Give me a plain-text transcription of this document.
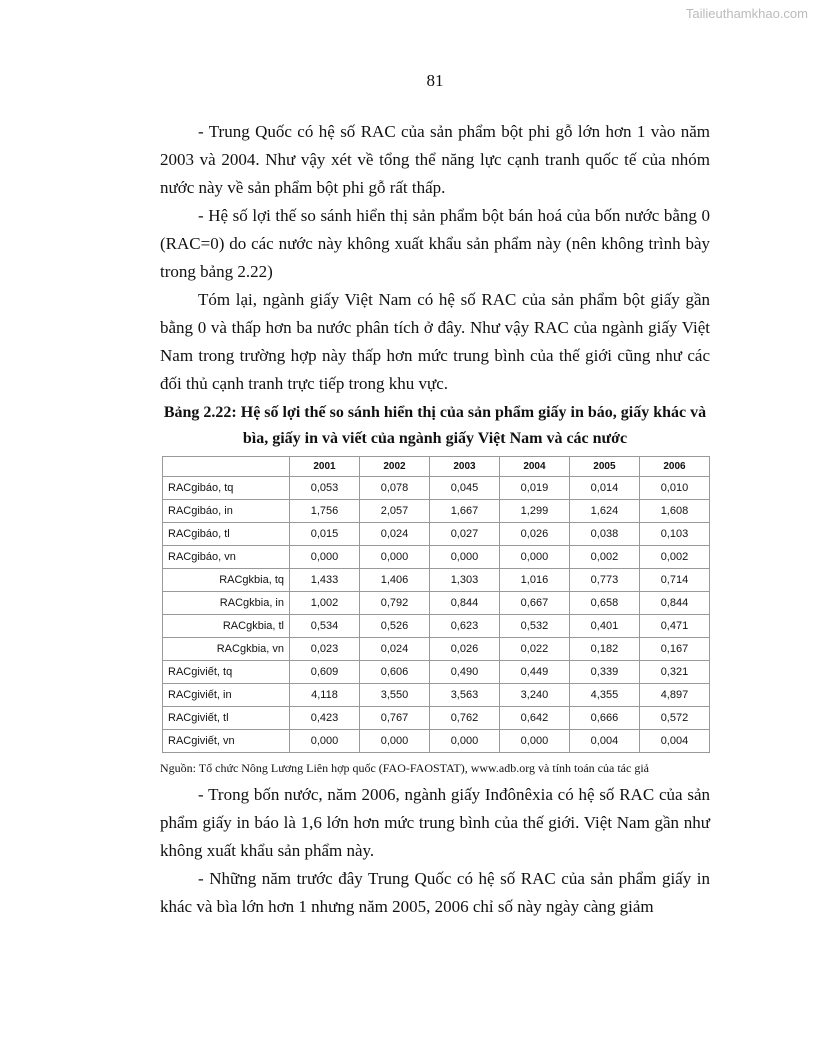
Tailieuthamkhao.com
81

- Trung Quốc có hệ số RAC của sản phẩm bột phi gỗ lớn hơn 1 vào năm 2003 và 2004. Như vậy xét về tổng thể năng lực cạnh tranh quốc tế của nhóm nước này về sản phẩm bột phi gỗ rất thấp.

- Hệ số lợi thế so sánh hiển thị sản phẩm bột bán hoá của bốn nước bằng 0 (RAC=0) do các nước này không xuất khẩu sản phẩm này (nên không trình bày trong bảng 2.22)

Tóm lại, ngành giấy Việt Nam có hệ số RAC của sản phẩm bột giấy gần bằng 0 và thấp hơn ba nước phân tích ở đây. Như vậy RAC của ngành giấy Việt Nam trong trường hợp này thấp hơn mức trung bình của thế giới cũng như các đối thủ cạnh tranh trực tiếp trong khu vực.

Bảng 2.22: Hệ số lợi thế so sánh hiển thị của sản phẩm giấy in báo, giấy khác và bìa, giấy in và viết của ngành giấy Việt Nam và các nước
	2001	2002	2003	2004	2005	2006
RACgibáo, tq	0,053	0,078	0,045	0,019	0,014	0,010
RACgibáo, in	1,756	2,057	1,667	1,299	1,624	1,608
RACgibáo, tl	0,015	0,024	0,027	0,026	0,038	0,103
RACgibáo, vn	0,000	0,000	0,000	0,000	0,002	0,002
RACgkbia, tq	1,433	1,406	1,303	1,016	0,773	0,714
RACgkbia, in	1,002	0,792	0,844	0,667	0,658	0,844
RACgkbia, tl	0,534	0,526	0,623	0,532	0,401	0,471
RACgkbia, vn	0,023	0,024	0,026	0,022	0,182	0,167
RACgiviết, tq	0,609	0,606	0,490	0,449	0,339	0,321
RACgiviết, in	4,118	3,550	3,563	3,240	4,355	4,897
RACgiviết, tl	0,423	0,767	0,762	0,642	0,666	0,572
RACgiviết, vn	0,000	0,000	0,000	0,000	0,004	0,004
Nguồn: Tổ chức Nông Lương Liên hợp quốc (FAO-FAOSTAT), www.adb.org và tính toán của tác giả

- Trong bốn nước, năm 2006, ngành giấy Inđônêxia có hệ số RAC của sản phẩm giấy in báo là 1,6 lớn hơn mức trung bình của thế giới. Việt Nam gần như không xuất khẩu sản phẩm này.

- Những năm trước đây Trung Quốc có hệ số RAC của sản phẩm giấy in khác và bìa lớn hơn 1 nhưng năm 2005, 2006 chỉ số này ngày càng giảm
